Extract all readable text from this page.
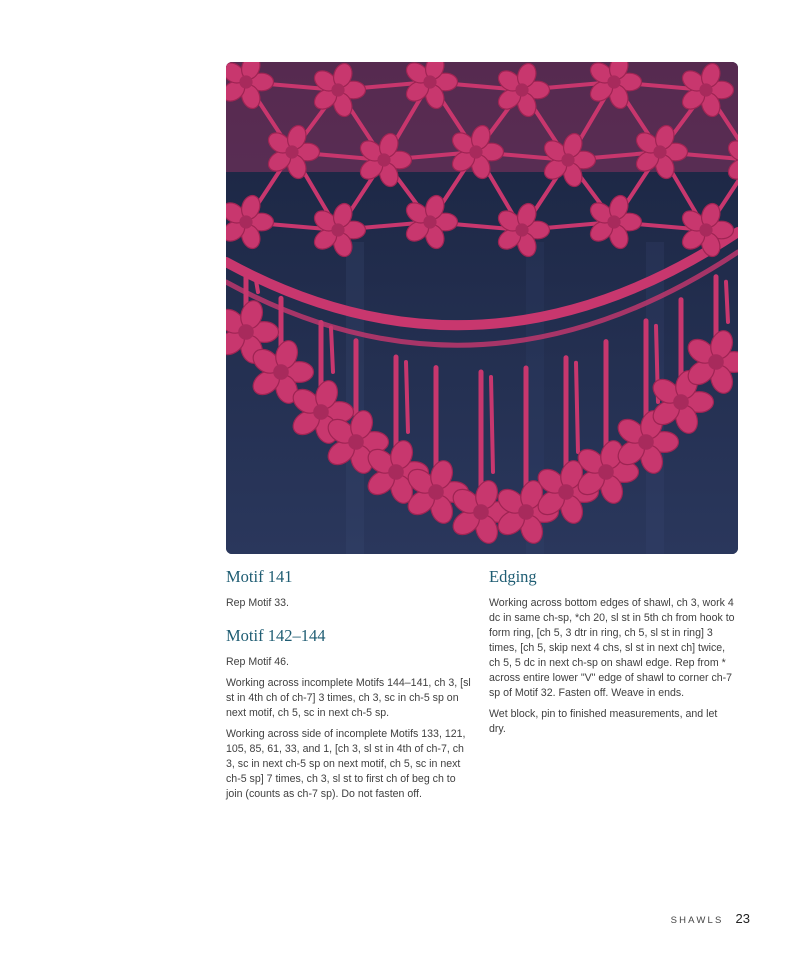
Motif 141

Rep Motif 33.

Motif 142–144

Rep Motif 46.

Working across incomplete Motifs 144–141, ch 3, [sl st in 4th ch of ch-7] 3 times, ch 3, sc in ch-5 sp on next motif, ch 5, sc in next ch-5 sp.

Working across side of incomplete Motifs 133, 121, 105, 85, 61, 33, and 1, [ch 3, sl st in 4th of ch-7, ch 3, sc in next ch-5 sp on next motif, ch 5, sc in next ch-5 sp] 7 times, ch 3, sl st to first ch of beg ch to join (counts as ch-7 sp). Do not fasten off.

Edging

Working across bottom edges of shawl, ch 3, work 4 dc in same ch-sp, *ch 20, sl st in 5th ch from hook to form ring, [ch 5, 3 dtr in ring, ch 5, sl st in ring] 3 times, [ch 5, skip next 4 chs, sl st in next ch] twice, ch 5, 5 dc in next ch-sp on shawl edge. Rep from * across entire lower "V" edge of shawl to corner ch-7 sp of Motif 32. Fasten off. Weave in ends.

Wet block, pin to finished measurements, and let dry.

SHAWLS 23
